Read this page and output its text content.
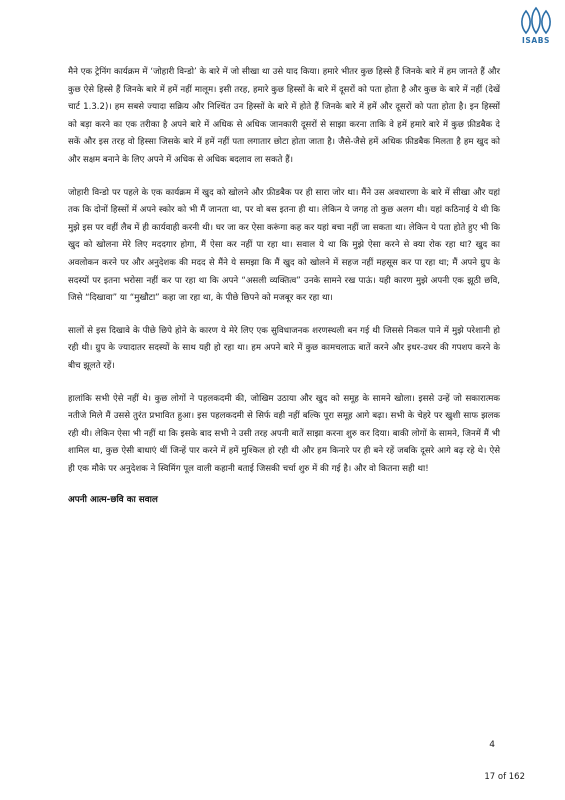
ISABS

मैने एक ट्रेनिंग कार्यक्रम में ‘जोहारी विन्डो’ के बारे में जो सीखा था उसे याद किया। हमारे भीतर कुछ हिस्से हैं जिनके बारे में हम जानते हैं और कुछ ऐसे हिस्से हैं जिनके बारे में हमें नहीं मालूम। इसी तरह, हमारे कुछ हिस्सों के बारे में दूसरों को पता होता है और कुछ के बारे में नहीं (देखें चार्ट 1.3.2)। हम सबसे ज्यादा सक्रिय और निश्चिंत उन हिस्सों के बारे में होते हैं जिनके बारे में हमें और दूसरों को पता होता है। इन हिस्सों को बड़ा करने का एक तरीका है अपने बारे में अधिक से अधिक जानकारी दूसरों से साझा करना ताकि वे हमें हमारे बारे में कुछ फ़ीडबैक दे सकें और इस तरह वो हिस्सा जिसके बारे में हमें नहीं पता लगातार छोटा होता जाता है। जैसे-जैसे हमें अधिक फ़ीडबैक मिलता है हम खुद को और सक्षम बनाने के लिए अपने में अधिक से अधिक बदलाव ला सकते हैं।

जोहारी विन्डो पर पहले के एक कार्यक्रम में खुद को खोलने और फ़ीडबैक पर ही सारा जोर था। मैंने उस अवधारणा के बारे में सीखा और यहां तक कि दोनों हिस्सों में अपने स्कोर को भी मैं जानता था, पर वो बस इतना ही था। लेकिन ये जगह तो कुछ अलग थी। यहां कठिनाई ये थी कि मुझे इस पर वहीं लैब में ही कार्यवाही करनी थी। घर जा कर ऐसा करूंगा कह कर यहां बचा नहीं जा सकता था। लेकिन ये पता होते हुए भी कि खुद को खोलना मेरे लिए मददगार होगा, मैं ऐसा कर नहीं पा रहा था। सवाल ये था कि मुझे ऐसा करने से क्या रोक रहा था? खुद का अवलोकन करने पर और अनुदेशक की मदद से मैंने ये समझा कि मैं खुद को खोलने में सहज नहीं महसूस कर पा रहा था; मैं अपने ग्रुप के सदस्यों पर इतना भरोसा नहीं कर पा रहा था कि अपने “असली व्यक्तित्व” उनके सामने रख पाऊं। यही कारण मुझे अपनी एक झूठी छवि, जिसे “दिखावा” या “मुखौटा” कहा जा रहा था, के पीछे छिपने को मजबूर कर रहा था।

सालों से इस दिखावे के पीछे छिपे होने के कारण ये मेरे लिए एक सुविधाजनक शरणस्थली बन गई थी जिससे निकल पाने में मुझे परेशानी हो रही थी। ग्रुप के ज्यादातर सदस्यों के साथ यही हो रहा था। हम अपने बारे में कुछ कामचलाऊ बातें करने और इधर-उधर की गपशप करने के बीच झूलते रहें।

हालांकि सभी ऐसे नहीं थे। कुछ लोगों ने पहलकदमी की, जोखिम उठाया और खुद को समूह के सामने खोला। इससे उन्हें जो सकारात्मक नतीजे मिले मैं उससे तुरंत प्रभावित हुआ। इस पहलकदमी से सिर्फ वही नहीं बल्कि पूरा समूह आगे बढ़ा। सभी के चेहरे पर खुशी साफ झलक रही थी। लेकिन ऐसा भी नहीं था कि इसके बाद सभी ने उसी तरह अपनी बातें साझा करना शुरु कर दिया। बाकी लोगों के सामने, जिनमें मैं भी शामिल था, कुछ ऐसी बाधाएं थीं जिन्हें पार करने में हमें मुश्किल हो रही थी और हम किनारे पर ही बने रहें जबकि दूसरे आगे बढ़ रहे थे। ऐसे ही एक मौके पर अनुदेशक ने स्विमिंग पूल वाली कहानी बताई जिसकी चर्चा शुरु में की गई है। और वो कितना सही था!

अपनी आत्म-छवि का सवाल
4
17 of 162
